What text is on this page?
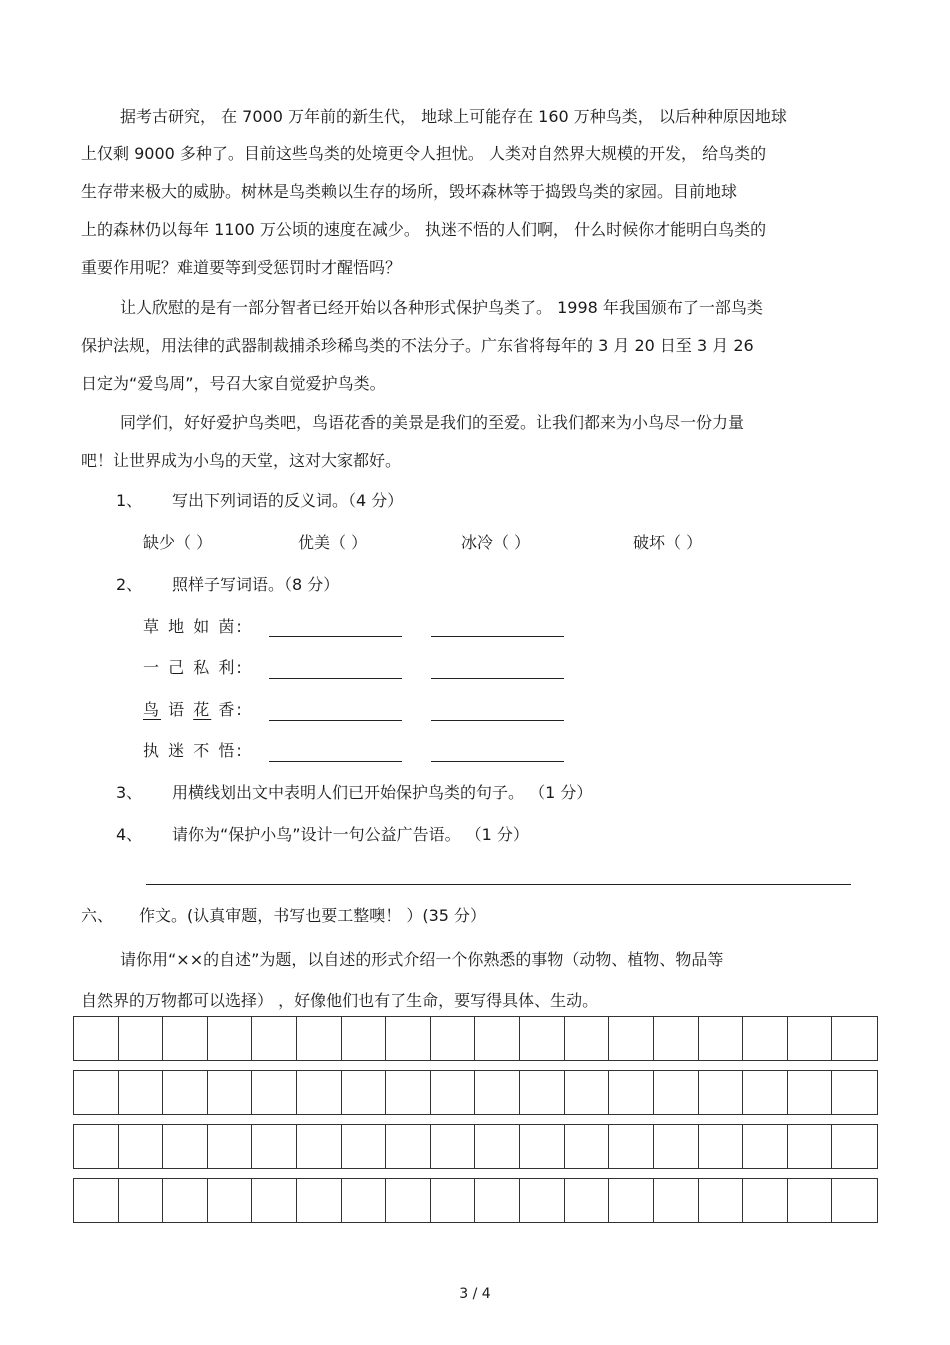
据考古研究， 在 7000 万年前的新生代， 地球上可能存在 160 万种鸟类， 以后种种原因地球
上仅剩 9000 多种了。目前这些鸟类的处境更令人担忧。 人类对自然界大规模的开发， 给鸟类的
生存带来极大的威胁。树林是鸟类赖以生存的场所，毁坏森林等于捣毁鸟类的家园。目前地球
上的森林仍以每年 1100 万公顷的速度在减少。 执迷不悟的人们啊， 什么时候你才能明白鸟类的
重要作用呢？难道要等到受惩罚时才醒悟吗？
让人欣慰的是有一部分智者已经开始以各种形式保护鸟类了。 1998 年我国颁布了一部鸟类
保护法规，用法律的武器制裁捕杀珍稀鸟类的不法分子。广东省将每年的 3 月 20 日至 3 月 26
日定为“爱鸟周”，号召大家自觉爱护鸟类。
同学们，好好爱护鸟类吧，鸟语花香的美景是我们的至爱。让我们都来为小鸟尽一份力量
吧！让世界成为小鸟的天堂，这对大家都好。
1、 写出下列词语的反义词。（4 分）
缺少（ ）	优美（ ）	冰冷（ ）	破坏（ ）
2、 照样子写词语。（8 分）
草 地 如 茵:
一 己 私 利:
鸟 语 花 香:
执 迷 不 悟:
3、 用横线划出文中表明人们已开始保护鸟类的句子。 （1 分）
4、 请你为“保护小鸟”设计一句公益广告语。 （1 分）
六、 作文。(认真审题，书写也要工整噢！ ）(35 分）
请你用“××的自述”为题，以自述的形式介绍一个你熟悉的事物（动物、植物、物品等
自然界的万物都可以选择） ，好像他们也有了生命，要写得具体、生动。
3 / 4
